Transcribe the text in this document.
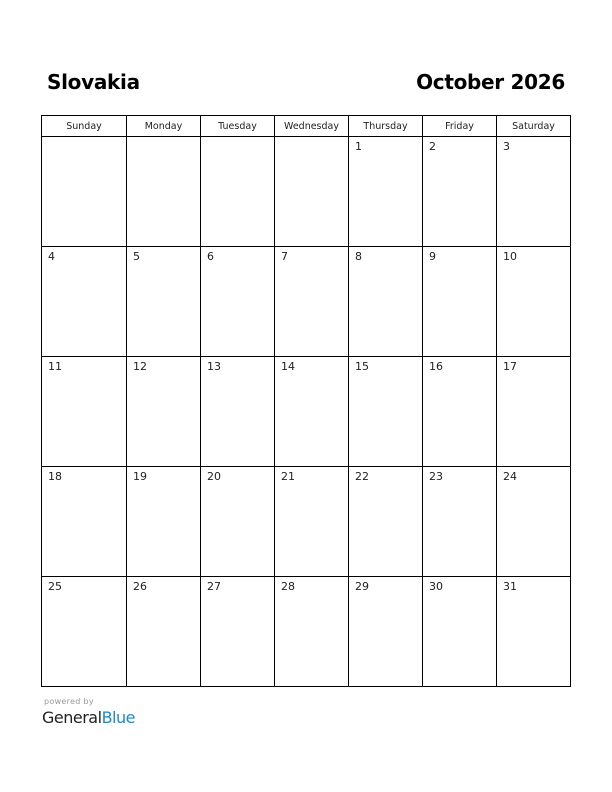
Slovakia	October 2026
Sunday	Monday	Tuesday	Wednesday	Thursday	Friday	Saturday

				1	2	3

4	5	6	7	8	9	10

11	12	13	14	15	16	17

18	19	20	21	22	23	24

25	26	27	28	29	30	31
powered by
GeneralBlue
